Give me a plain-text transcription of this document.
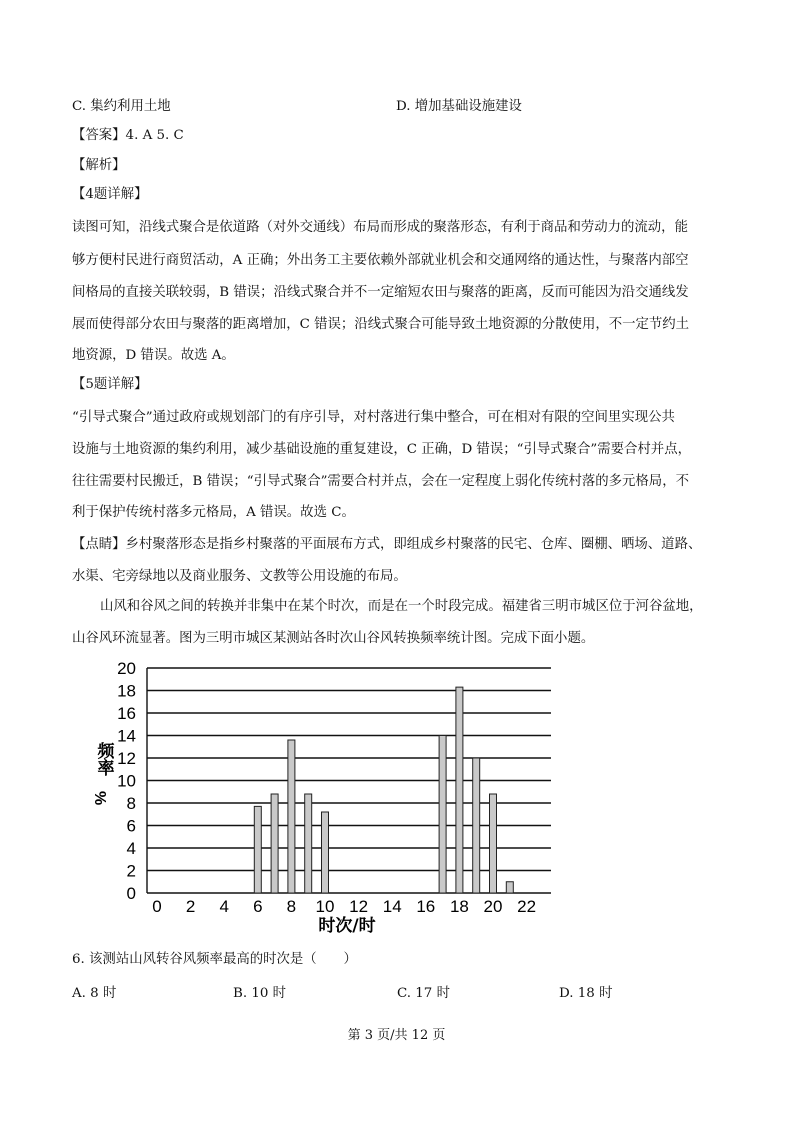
C. 集约利用土地	D. 增加基础设施建设
【答案】4. A 5. C
【解析】
【4题详解】
读图可知，沿线式聚合是依道路（对外交通线）布局而形成的聚落形态，有利于商品和劳动力的流动，能
够方便村民进行商贸活动，A 正确；外出务工主要依赖外部就业机会和交通网络的通达性，与聚落内部空
间格局的直接关联较弱，B 错误；沿线式聚合并不一定缩短农田与聚落的距离，反而可能因为沿交通线发
展而使得部分农田与聚落的距离增加，C 错误；沿线式聚合可能导致土地资源的分散使用，不一定节约土
地资源，D 错误。故选 A。
【5题详解】
“引导式聚合”通过政府或规划部门的有序引导，对村落进行集中整合，可在相对有限的空间里实现公共
设施与土地资源的集约利用，减少基础设施的重复建设，C 正确，D 错误；“引导式聚合”需要合村并点，
往往需要村民搬迁，B 错误；“引导式聚合”需要合村并点，会在一定程度上弱化传统村落的多元格局，不
利于保护传统村落多元格局，A 错误。故选 C。
【点睛】乡村聚落形态是指乡村聚落的平面展布方式，即组成乡村聚落的民宅、仓库、圈棚、晒场、道路、
水渠、宅旁绿地以及商业服务、文教等公用设施的布局。
山风和谷风之间的转换并非集中在某个时次，而是在一个时段完成。福建省三明市城区位于河谷盆地，
山谷风环流显著。图为三明市城区某测站各时次山谷风转换频率统计图。完成下面小题。
0
2
4
6
8
10
12
14
16
18
20
0 2 4 6 8 10 12 14 16 18 20 22
频率
%
时次/时
6. 该测站山风转谷风频率最高的时次是（　　）
A. 8 时	B. 10 时	C. 17 时	D. 18 时
第 3 页/共 12 页
